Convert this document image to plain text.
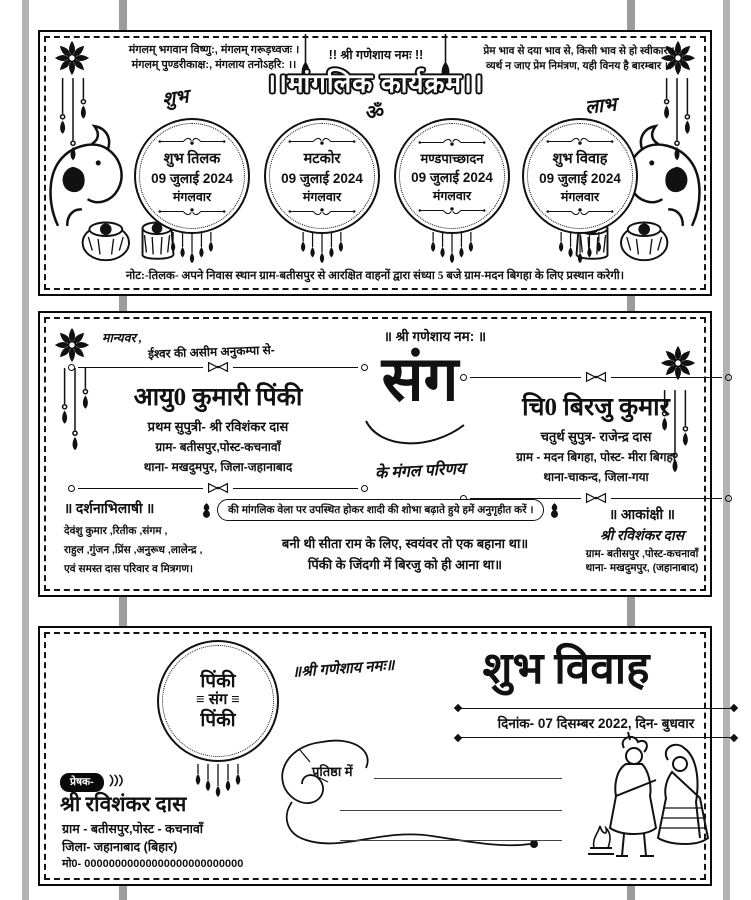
मंगलम् भगवान विष्णु:, मंगलम् गरूड़ध्वजः ।
मंगलम् पुण्डरीकाक्ष:, मंगलाय तनोऽहरि: ।।
!! श्री गणेशाय नमः !!	प्रेम भाव से दया भाव से, किसी भाव से हो स्वीकार ।
व्यर्थ न जाए प्रेम निमंत्रण, यही विनय है बारम्बार ।।
शुभ	लाभ
।।मांगलिक कार्यक्रम।।
ॐ
शुभ तिलक
09 जुलाई 2024
मंगलवार
मटकोर
09 जुलाई 2024
मंगलवार
मण्डपाच्छादन
09 जुलाई 2024
मंगलवार
शुभ विवाह
09 जुलाई 2024
मंगलवार
नोट:-तिलक- अपने निवास स्थान ग्राम-बतीसपुर से आरक्षित वाहनों द्वारा संध्या 5 बजे ग्राम-मदन बिगहा के लिए प्रस्थान करेगी।
मान्यवर ,
ईश्वर की असीम अनुकम्पा से-
॥ श्री गणेशाय नम: ॥
आयु0 कुमारी पिंकी
प्रथम सुपुत्री- श्री रविशंकर दास
ग्राम- बतीसपुर,पोस्ट-कचनावाँ
थाना- मखदुमपुर, जिला-जहानाबाद
संग
के मंगल परिणय
चि0 बिरजु कुमार
चतुर्थ सुपुत्र- राजेन्द्र दास
ग्राम - मदन बिगहा, पोस्ट- मीरा बिगहा
थाना-चाकन्द, जिला-गया
की मांगलिक वेला पर उपस्थित होकर शादी की शोभा बढ़ाते हुये हमें अनुगृहीत करें ।
॥ दर्शनाभिलाषी ॥
देवंशु कुमार ,रितीक ,संगम ,
राहुल ,गुंजन ,प्रिंस ,अनुरूध ,लालेन्द्र ,
एवं समस्त दास परिवार व मित्रगण।
बनी थी सीता राम के लिए, स्वयंवर तो एक बहाना था॥
पिंकी के जिंदगी में बिरजु को ही आना था॥
॥ आकांक्षी ॥
श्री रविशंकर दास
ग्राम- बतीसपुर ,पोस्ट-कचनावाँ
थाना- मखदुमपुर, (जहानाबाद)
पिंकी
≡ संग ≡
पिंकी
॥श्री गणेशाय नमः॥	शुभ विवाह
दिनांक- 07 दिसम्बर 2022, दिन- बुधवार
प्रतिष्ठा में
प्रेषक-
श्री रविशंकर दास
ग्राम - बतीसपुर,पोस्ट - कचनावाँ
जिला- जहानाबाद (बिहार)
मो0- 00000000000000000000000000
